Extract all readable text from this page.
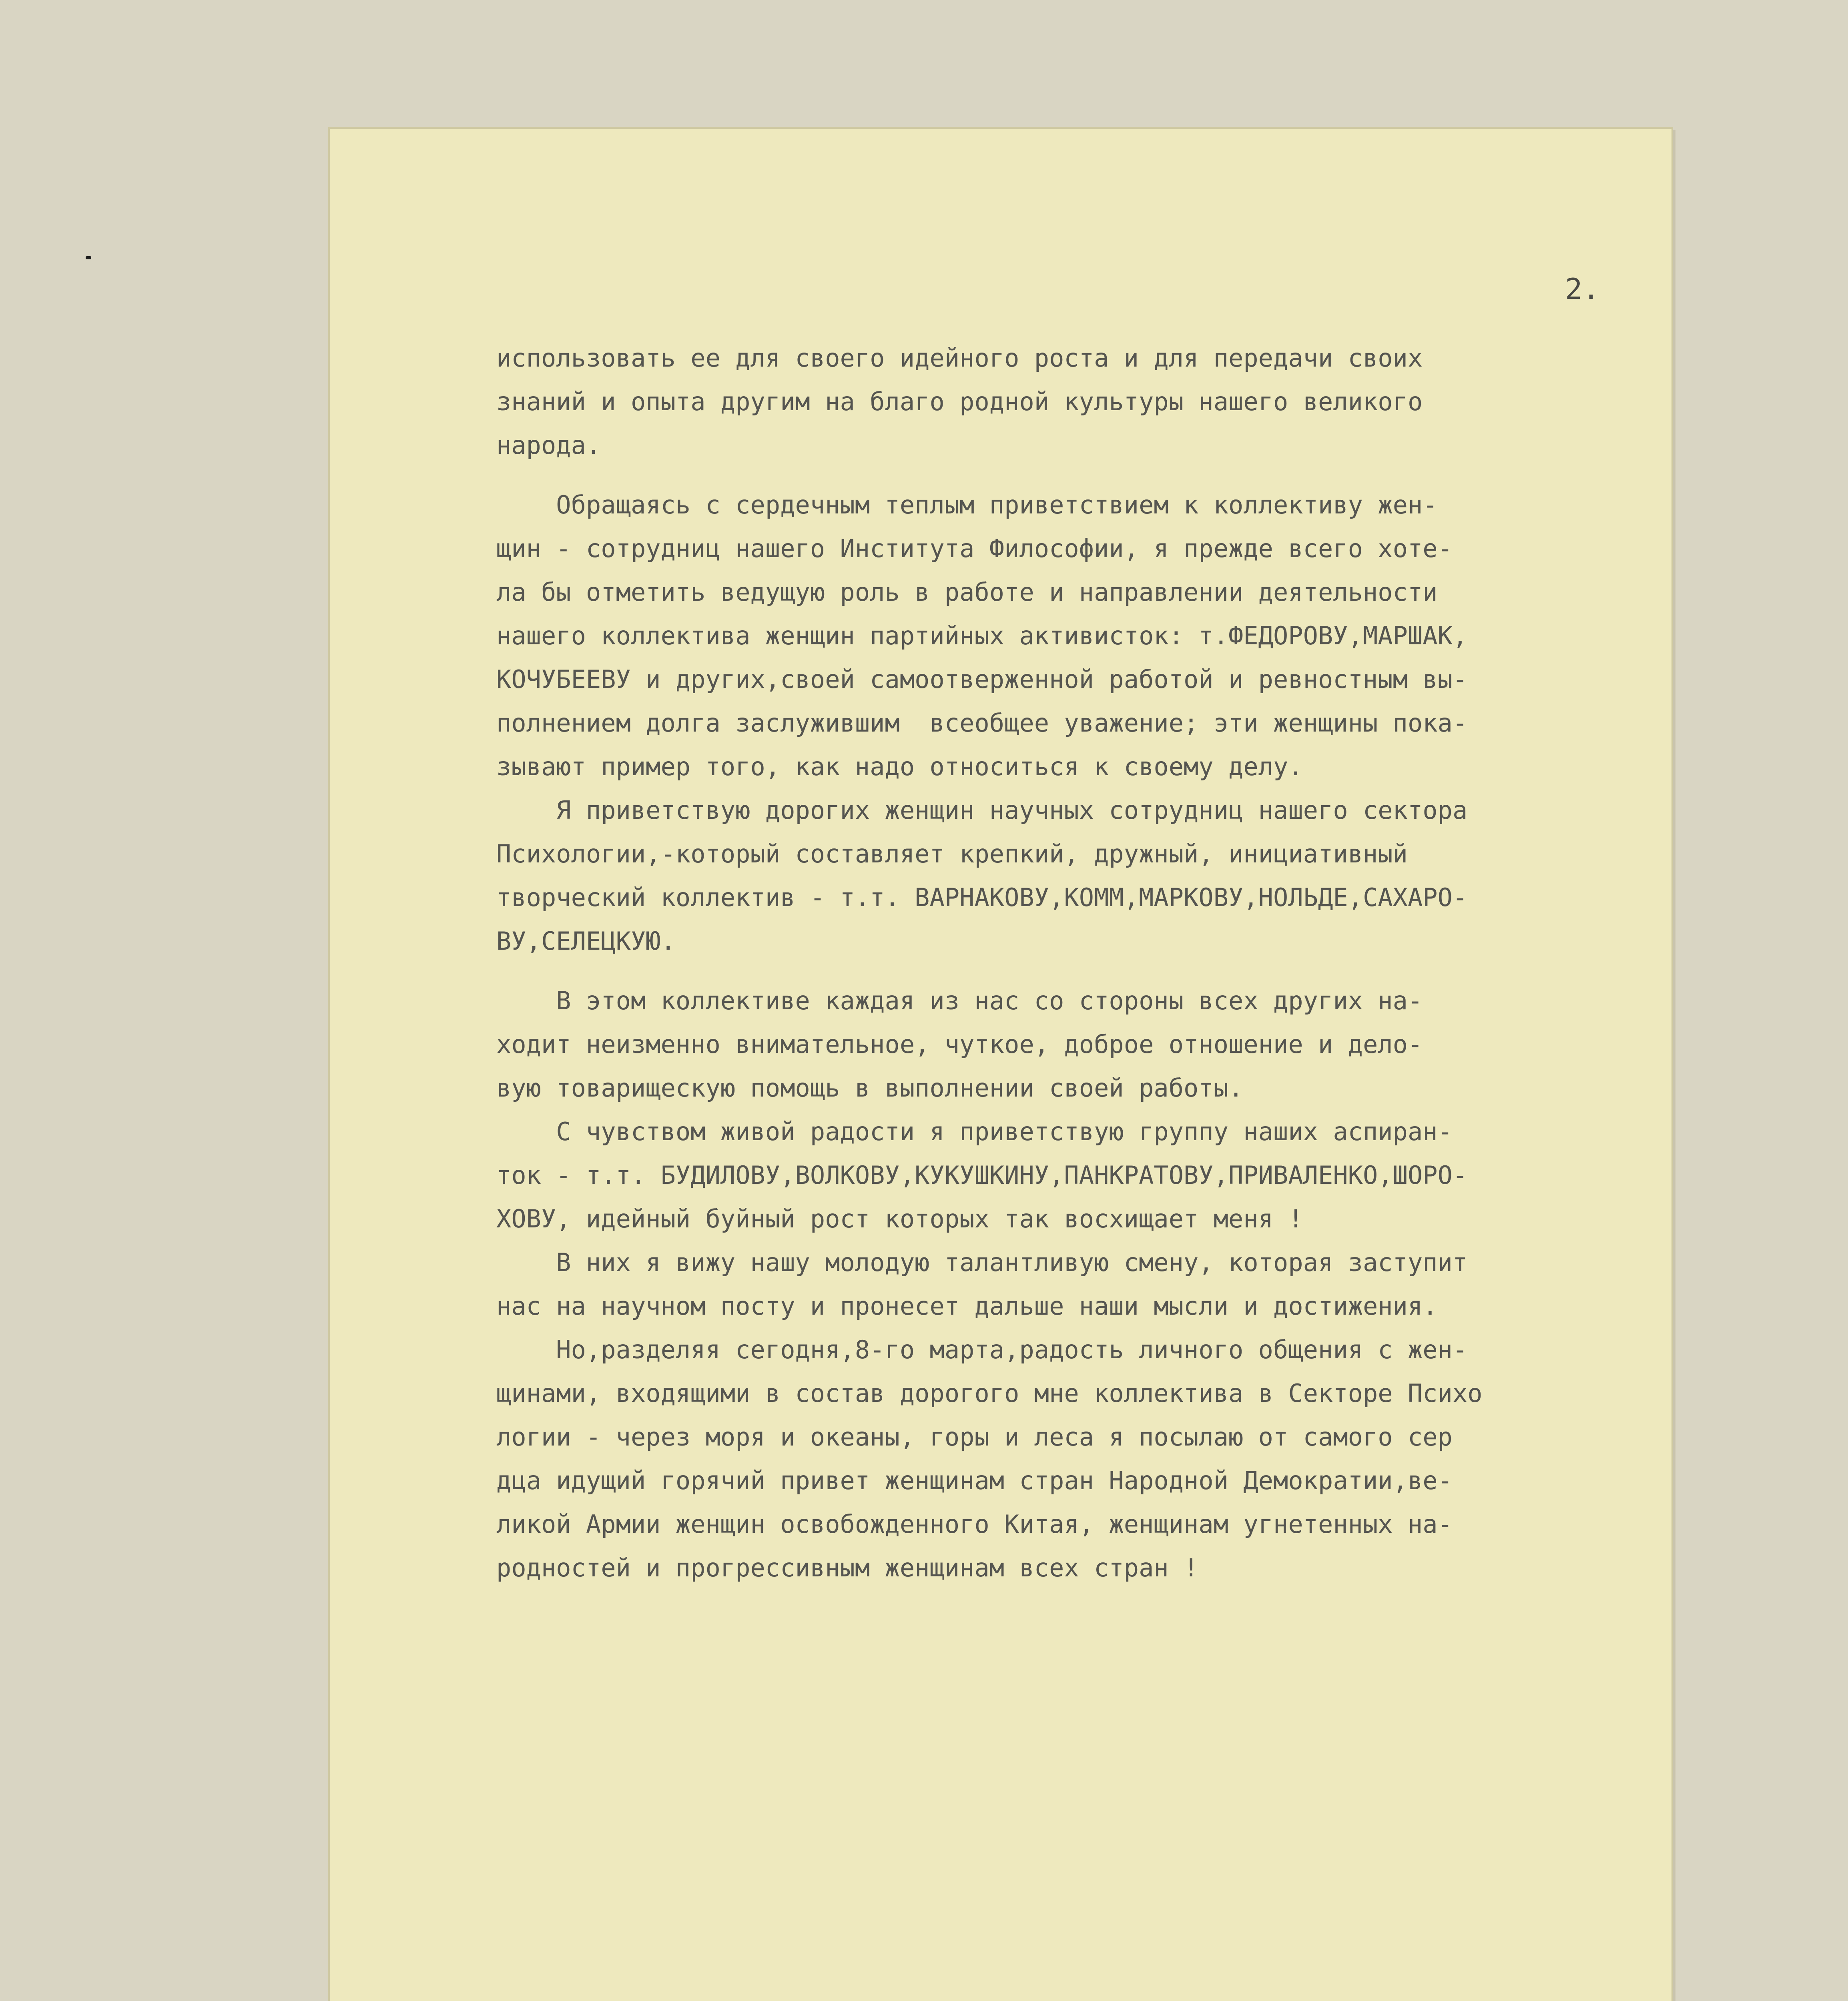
2.
использовать ее для своего идейного роста и для передачи своих
знаний и опыта другим на благо родной культуры нашего великого
народа.
Обращаясь с сердечным теплым приветствием к коллективу жен-
щин - сотрудниц нашего Института Философии, я прежде всего хоте-
ла бы отметить ведущую роль в работе и направлении деятельности
нашего коллектива женщин партийных активисток: т.ФЕДОРОВУ,МАРШАК,
КОЧУБЕЕВУ и других,своей самоотверженной работой и ревностным вы-
полнением долга заслужившим  всеобщее уважение; эти женщины пока-
зывают пример того, как надо относиться к своему делу.
Я приветствую дорогих женщин научных сотрудниц нашего сектора
Психологии,-который составляет крепкий, дружный, инициативный
творческий коллектив - т.т. ВАРНАКОВУ,КОММ,МАРКОВУ,НОЛЬДЕ,САХАРО-
ВУ,СЕЛЕЦКУЮ.
В этом коллективе каждая из нас со стороны всех других на-
ходит неизменно внимательное, чуткое, доброе отношение и дело-
вую товарищескую помощь в выполнении своей работы.
С чувством живой радости я приветствую группу наших аспиран-
ток - т.т. БУДИЛОВУ,ВОЛКОВУ,КУКУШКИНУ,ПАНКРАТОВУ,ПРИВАЛЕНКО,ШОРО-
ХОВУ, идейный буйный рост которых так восхищает меня !
В них я вижу нашу молодую талантливую смену, которая заступит
нас на научном посту и пронесет дальше наши мысли и достижения.
Но,разделяя сегодня,8-го марта,радость личного общения с жен-
щинами, входящими в состав дорогого мне коллектива в Секторе Психо
логии - через моря и океаны, горы и леса я посылаю от самого сер
дца идущий горячий привет женщинам стран Народной Демократии,ве-
ликой Армии женщин освобожденного Китая, женщинам угнетенных на-
родностей и прогрессивным женщинам всех стран !
